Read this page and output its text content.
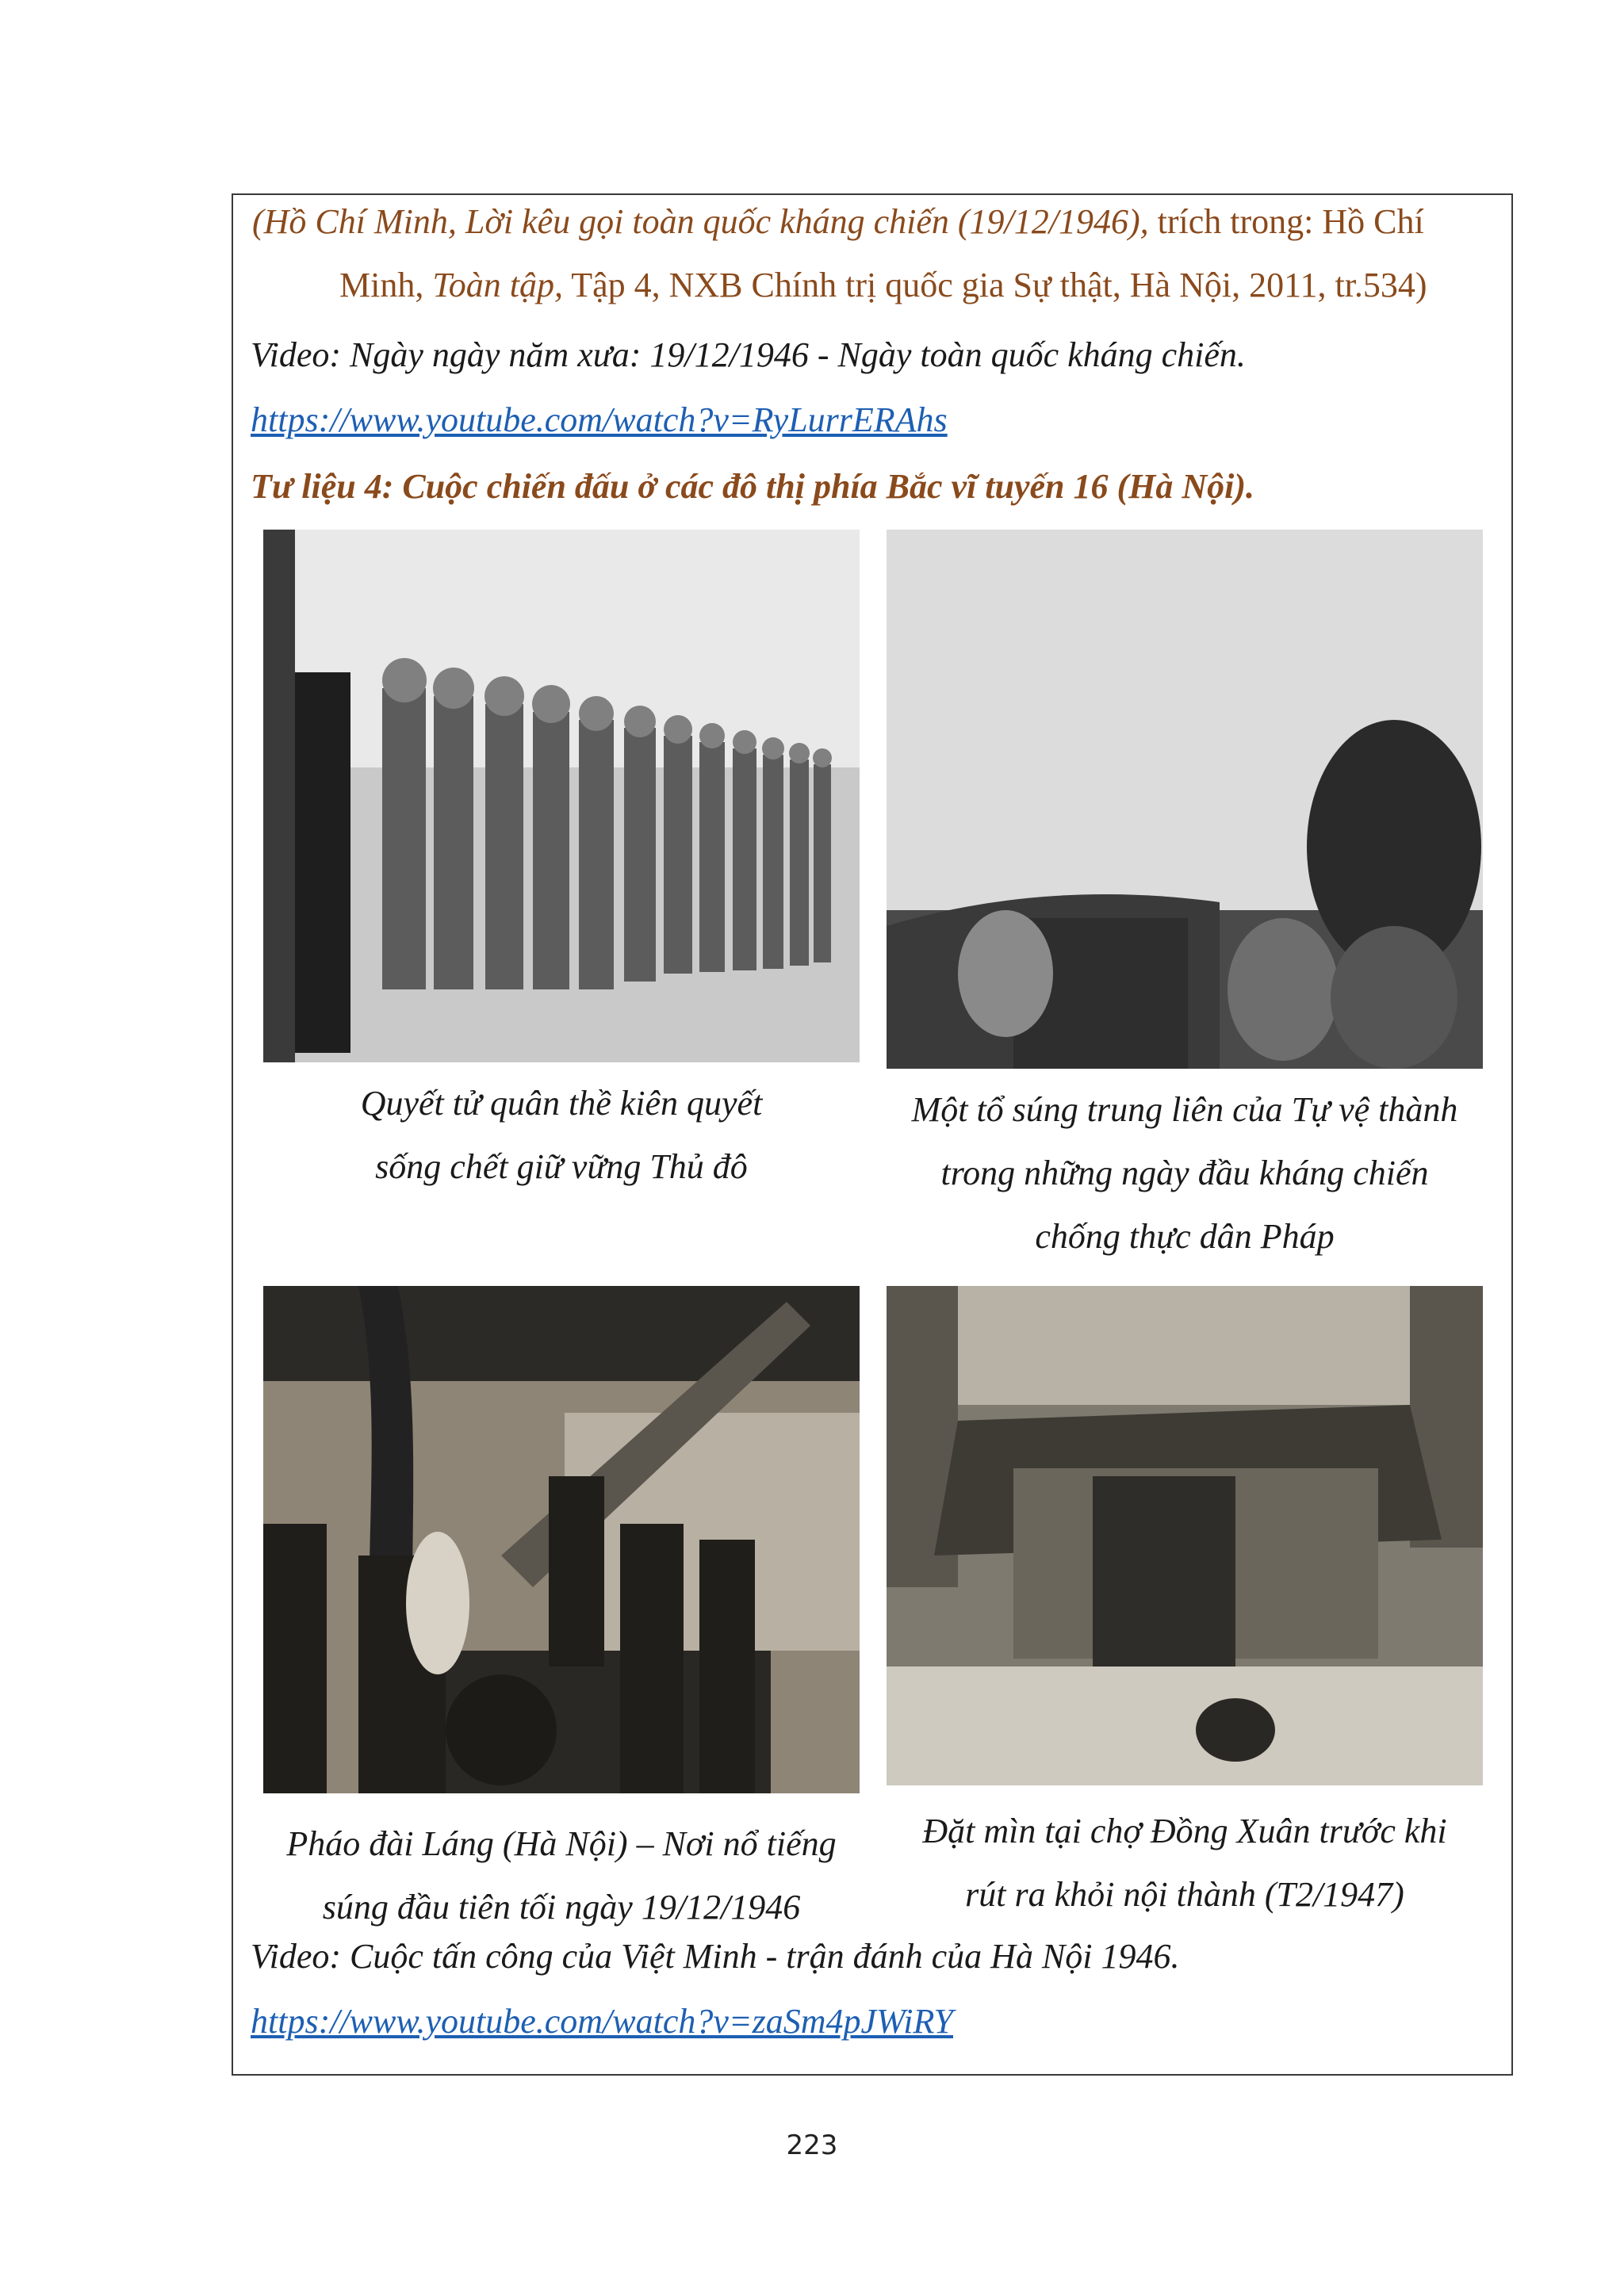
(Hồ Chí Minh, Lời kêu gọi toàn quốc kháng chiến (19/12/1946), trích trong: Hồ Chí
Minh, Toàn tập, Tập 4, NXB Chính trị quốc gia Sự thật, Hà Nội, 2011, tr.534)
Video: Ngày ngày năm xưa: 19/12/1946 - Ngày toàn quốc kháng chiến.
https://www.youtube.com/watch?v=RyLurrERAhs
Tư liệu 4: Cuộc chiến đấu ở các đô thị phía Bắc vĩ tuyến 16 (Hà Nội).
Quyết tử quân thề kiên quyết
sống chết giữ vững Thủ đô
Một tổ súng trung liên của Tự vệ thành
trong những ngày đầu kháng chiến
chống thực dân Pháp
Pháo đài Láng (Hà Nội) – Nơi nổ tiếng
súng đầu tiên tối ngày 19/12/1946
Đặt mìn tại chợ Đồng Xuân trước khi
rút ra khỏi nội thành (T2/1947)
Video: Cuộc tấn công của Việt Minh - trận đánh của Hà Nội 1946.
https://www.youtube.com/watch?v=zaSm4pJWiRY
223
